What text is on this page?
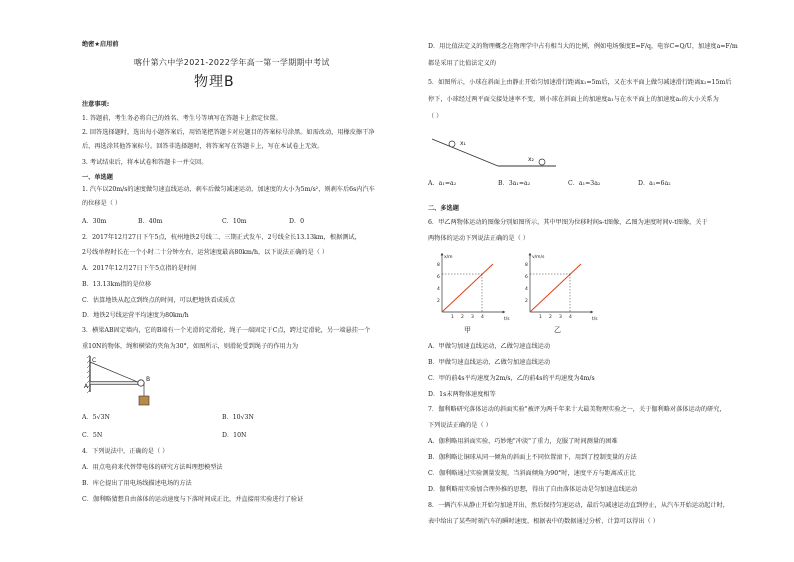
绝密★启用前
喀什第六中学2021-2022学年高一第一学期期中考试
物理B
注意事项:
1. 答题前，考生务必将自己的姓名、考生号等填写在答题卡上指定位置。
2. 回答选择题时，选出每小题答案后，用铅笔把答题卡对应题目的答案标号涂黑。如需改动，用橡皮擦干净
后，再选涂其他答案标号。回答非选择题时，将答案写在答题卡上，写在本试卷上无效。
3. 考试结束后，将本试卷和答题卡一并交回。
一、单选题
1. 汽车以20m/s的速度做匀速直线运动，刹车后做匀减速运动，加速度的大小为5m/s²，则刹车后6s内汽车
的位移是（ ）
A．30m	B．40m	C．10m	D．0
2．2017年12月27日下午5点，杭州地铁2号线二、三期正式发车，2号线全长13.13km，根据测试，
2号线单程时长在一个小时二十分钟左右，运营速度最高80km/h，以下说法正确的是（ ）
A．2017年12月27日下午5点指的是时间
B．13.13km指的是位移
C．估算地铁从起点到终点的时间，可以把地铁看成质点
D．地铁2号线运营平均速度为80km/h
3．横梁AB固定墙内，它的B端有一个光滑的定滑轮，绳子一端固定于C点，跨过定滑轮，另一端悬挂一个
重10N的物体，绳和横梁的夹角为30°，如图所示，则滑轮受到绳子的作用力为
C
A
B
A．5√3N	B．10√3N
C．5N	D．10N
4．下列说法中，正确的是（ ）
A．用点电荷来代替带电体的研究方法叫理想模型法
B．库仑提出了用电场线描述电场的方法
C．伽利略猜想自由落体的运动速度与下落时间成正比，并直接用实验进行了验证
D．用比值法定义的物理概念在物理学中占有相当大的比例，例如电场强度E=F/q，电容C=Q/U，加速度a=F/m
都是采用了比值法定义的
5．如图所示，小球在斜面上由静止开始匀加速滑行距离x₁=5m后，又在水平面上做匀减速滑行距离x₂=15m后
停下，小球经过两平面交接处速率不变，则小球在斜面上的加速度a₁与在水平面上的加速度a₂的大小关系为
（ ）
x₁
x₂
A．a₁=a₂	B．3a₁=a₂	C．a₁=3a₂	D．a₁=6a₂
二、多选题
6．甲乙两物体运动的图像分别如图所示，其中甲图为位移时间s-t图像，乙图为速度时间v-t图像，关于
两物体的运动下列说法正确的是（ ）
x/m
t/s
8
6
4
2
1 2 3 4
甲
v/m/s
t/s
8
6
4
2
1 2 3 4
乙
A．甲做匀加速直线运动，乙做匀速直线运动
B．甲做匀速直线运动，乙做匀加速直线运动
C．甲的前4s平均速度为2m/s，乙的前4s的平均速度为4m/s
D．1s末两物体速度相等
7．伽利略研究落体运动的斜面实验"被评为两千年来十大最美物理实验之一，关于伽利略对落体运动的研究，
下列说法正确的是（ ）
A．伽利略用斜面实验，巧妙地"冲淡"了重力，克服了时间测量的困难
B．伽利略让铜球从同一倾角的斜面上不同位置滚下，用到了控制变量的方法
C．伽利略通过实验测量发现，当斜面倾角为90°时，速度平方与距离成正比
D．伽利略用实验加合理外推的思想，得出了自由落体运动是匀加速直线运动
8．一辆汽车从静止开始匀加速开出，然后保持匀速运动，最后匀减速运动直到停止，从汽车开始运动起计时，
表中给出了某些时刻汽车的瞬时速度，根据表中的数据通过分析、计算可以得出（ ）
